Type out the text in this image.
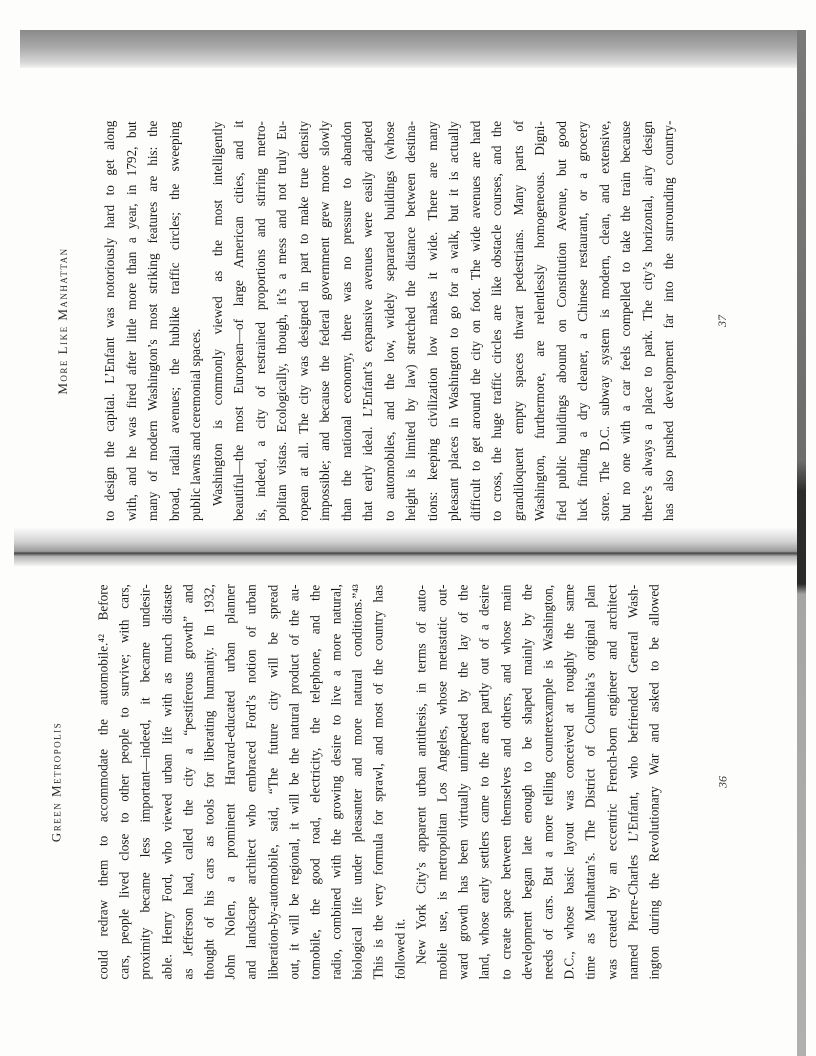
More Like Manhattan to design the capital. L’Enfant was notoriously hard to get along with, and he was fired after little more than a year, in 1792, but many of modern Washington’s most striking features are his: the broad, radial avenues; the hublike traffic circles; the sweeping public lawns and ceremonial spaces. Washington is commonly viewed as the most intelligently beautiful—the most European—of large American cities, and it is, indeed, a city of restrained proportions and stirring metro- politan vistas. Ecologically, though, it’s a mess and not truly Eu- ropean at all. The city was designed in part to make true density impossible; and because the federal government grew more slowly than the national economy, there was no pressure to abandon that early ideal. L’Enfant’s expansive avenues were easily adapted to automobiles, and the low, widely separated buildings (whose height is limited by law) stretched the distance between destina- tions: keeping civilization low makes it wide. There are many pleasant places in Washington to go for a walk, but it is actually difficult to get around the city on foot. The wide avenues are hard to cross, the huge traffic circles are like obstacle courses, and the grandiloquent empty spaces thwart pedestrians. Many parts of Washington, furthermore, are relentlessly homogeneous. Digni- fied public buildings abound on Constitution Avenue, but good luck finding a dry cleaner, a Chinese restaurant, or a grocery store. The D.C. subway system is modern, clean, and extensive, but no one with a car feels compelled to take the train because there’s always a place to park. The city’s horizontal, airy design has also pushed development far into the surrounding country-	37
Green Metropolis could redraw them to accommodate the automobile.⁴² Before cars, people lived close to other people to survive; with cars, proximity became less important—indeed, it became undesir- able. Henry Ford, who viewed urban life with as much distaste as Jefferson had, called the city a “pestiferous growth” and thought of his cars as tools for liberating humanity. In 1932, John Nolen, a prominent Harvard-educated urban planner and landscape architect who embraced Ford’s notion of urban liberation-by-automobile, said, “The future city will be spread out, it will be regional, it will be the natural product of the au- tomobile, the good road, electricity, the telephone, and the radio, combined with the growing desire to live a more natural, biological life under pleasanter and more natural conditions.”⁴³ This is the very formula for sprawl, and most of the country has followed it. New York City’s apparent urban antithesis, in terms of auto- mobile use, is metropolitan Los Angeles, whose metastatic out- ward growth has been virtually unimpeded by the lay of the land, whose early settlers came to the area partly out of a desire to create space between themselves and others, and whose main development began late enough to be shaped mainly by the needs of cars. But a more telling counterexample is Washington, D.C., whose basic layout was conceived at roughly the same time as Manhattan’s. The District of Columbia’s original plan was created by an eccentric French-born engineer and architect named Pierre-Charles L’Enfant, who befriended General Wash- ington during the Revolutionary War and asked to be allowed	36
